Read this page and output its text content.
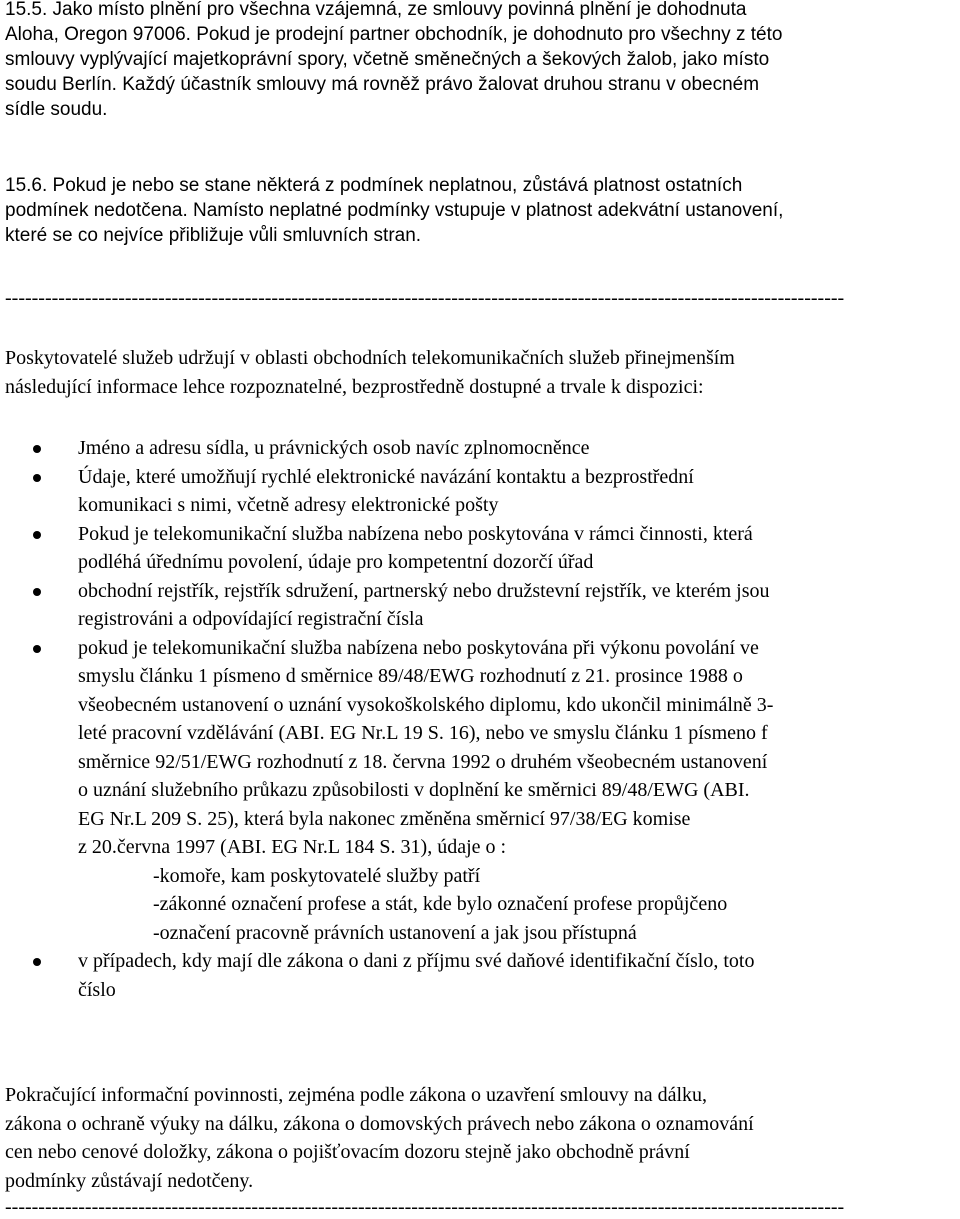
15.5. Jako místo plnění pro všechna vzájemná, ze smlouvy povinná plnění je dohodnuta
Aloha, Oregon 97006. Pokud je prodejní partner obchodník, je dohodnuto pro všechny z této
smlouvy vyplývající majetkoprávní spory, včetně směnečných a šekových žalob, jako místo
soudu Berlín. Každý účastník smlouvy má rovněž právo žalovat druhou stranu v obecném
sídle soudu.
15.6. Pokud je nebo se stane některá z podmínek neplatnou, zůstává platnost ostatních
podmínek nedotčena. Namísto neplatné podmínky vstupuje v platnost adekvátní ustanovení,
které se co nejvíce přibližuje vůli smluvních stran.
------------------------------------------------------------------------------------------------------------------------------
Poskytovatelé služeb udržují v oblasti obchodních telekomunikačních služeb přinejmenším
následující informace lehce rozpoznatelné, bezprostředně dostupné a trvale k dispozici:
Jméno a adresu sídla, u právnických osob navíc zplnomocněnce
Údaje, které umožňují rychlé elektronické navázání kontaktu a bezprostřední
komunikaci s nimi, včetně adresy elektronické pošty
Pokud je telekomunikační služba nabízena nebo poskytována v rámci činnosti, která
podléhá úřednímu povolení, údaje pro kompetentní dozorčí úřad
obchodní rejstřík, rejstřík sdružení, partnerský nebo družstevní rejstřík, ve kterém jsou
registrováni a odpovídající registrační čísla
pokud je telekomunikační služba nabízena nebo poskytována při výkonu povolání ve
smyslu článku 1 písmeno d směrnice 89/48/EWG rozhodnutí z 21. prosince 1988 o
všeobecném ustanovení o uznání vysokoškolského diplomu, kdo ukončil minimálně 3-
leté pracovní vzdělávání (ABI. EG Nr.L 19 S. 16), nebo ve smyslu článku 1 písmeno f
směrnice 92/51/EWG rozhodnutí z 18. června 1992 o druhém všeobecném ustanovení
o uznání služebního průkazu způsobilosti v doplnění ke směrnici 89/48/EWG (ABI.
EG Nr.L 209 S. 25), která byla nakonec změněna směrnicí 97/38/EG komise
z 20.června 1997 (ABI. EG Nr.L 184 S. 31), údaje o :
-komoře, kam poskytovatelé služby patří
-zákonné označení profese a stát, kde bylo označení profese propůjčeno
-označení pracovně právních ustanovení a jak jsou přístupná
v případech, kdy mají dle zákona o dani z příjmu své daňové identifikační číslo, toto
číslo
Pokračující informační povinnosti, zejména podle zákona o uzavření smlouvy na dálku,
zákona o ochraně výuky na dálku, zákona o domovských právech nebo zákona o oznamování
cen nebo cenové doložky, zákona o pojišťovacím dozoru stejně jako obchodně právní
podmínky zůstávají nedotčeny.
------------------------------------------------------------------------------------------------------------------------------
